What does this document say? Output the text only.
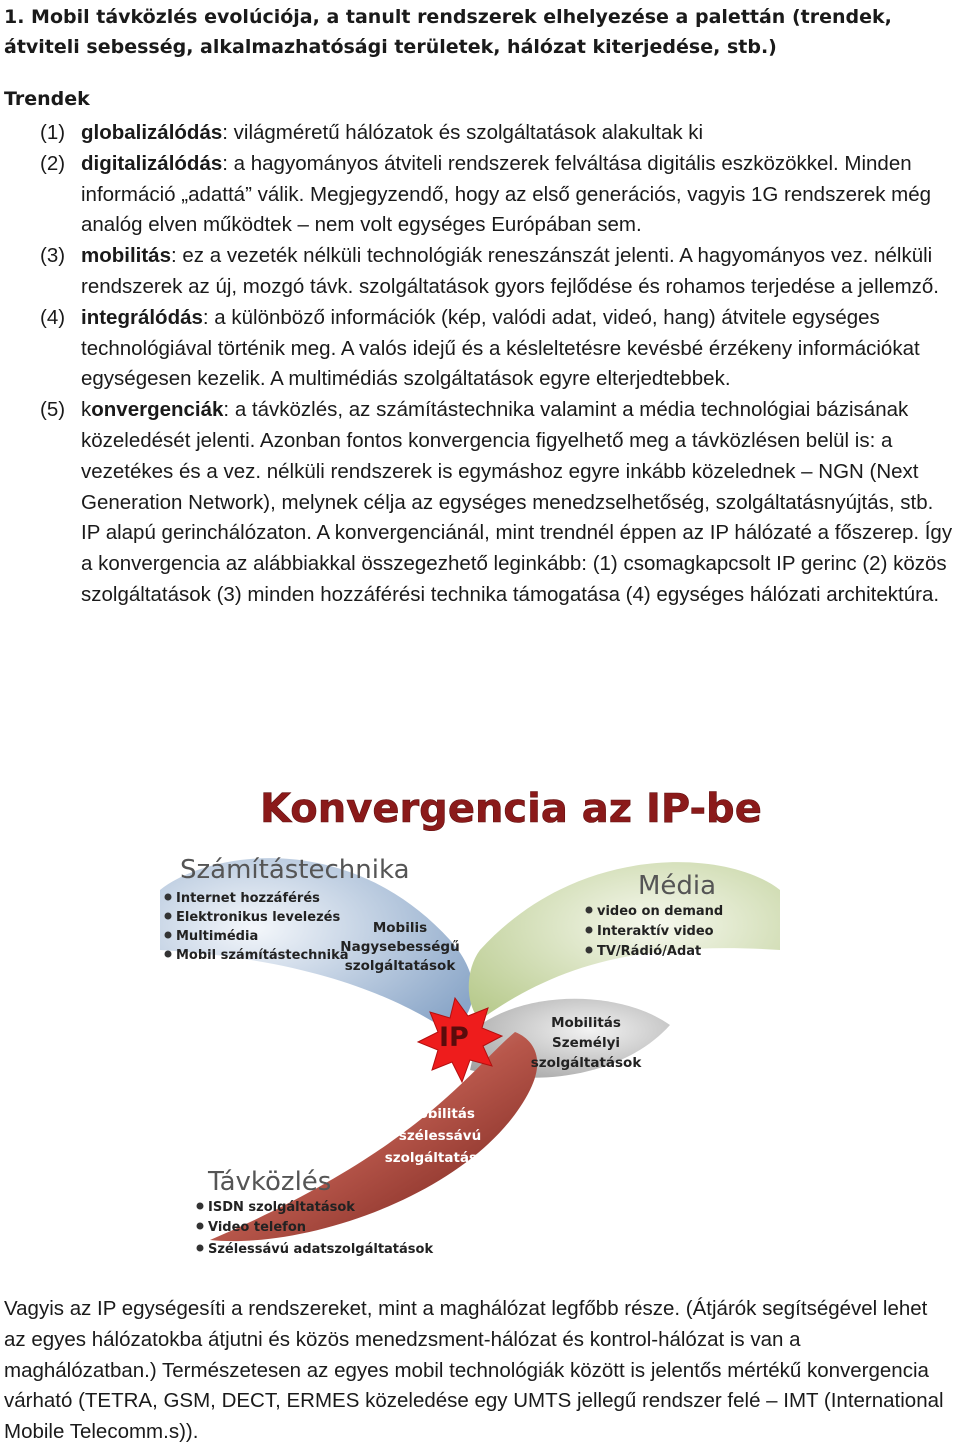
1. Mobil távközlés evolúciója, a tanult rendszerek elhelyezése a palettán (trendek, átviteli sebesség, alkalmazhatósági területek, hálózat kiterjedése, stb.)
Trendek
(1) globalizálódás: világméretű hálózatok és szolgáltatások alakultak ki
(2) digitalizálódás: a hagyományos átviteli rendszerek felváltása digitális eszközökkel. Minden információ „adattá” válik. Megjegyzendő, hogy az első generációs, vagyis 1G rendszerek még analóg elven működtek – nem volt egységes Európában sem.
(3) mobilitás: ez a vezeték nélküli technológiák reneszánszát jelenti. A hagyományos vez. nélküli rendszerek az új, mozgó távk. szolgáltatások gyors fejlődése és rohamos terjedése a jellemző.
(4) integrálódás: a különböző információk (kép, valódi adat, videó, hang) átvitele egységes technológiával történik meg. A valós idejű és a késleltetésre kevésbé érzékeny információkat egységesen kezelik. A multimédiás szolgáltatások egyre elterjedtebbek.
(5) konvergenciák: a távközlés, az számítástechnika valamint a média technológiai bázisának közeledését jelenti. Azonban fontos konvergencia figyelhető meg a távközlésen belül is: a vezetékes és a vez. nélküli rendszerek is egymáshoz egyre inkább közelednek – NGN (Next Generation Network), melynek célja az egységes menedzselhetőség, szolgáltatásnyújtás, stb. IP alapú gerinchálózaton. A konvergenciánál, mint trendnél éppen az IP hálózaté a főszerep. Így a konvergencia az alábbiakkal összegezhető leginkább: (1) csomagkapcsolt IP gerinc (2) közös szolgáltatások (3) minden hozzáférési technika támogatása (4) egységes hálózati architektúra.
Konvergencia az IP-be
IP
Számítástechnika
Internet hozzáférés
Elektronikus levelezés
Multimédia
Mobil számítástechnika
Média
video on demand
Interaktív video
TV/Rádió/Adat
Mobilis
Nagysebességű
szolgáltatások
Mobilitás
Személyi
szolgáltatások
Mobilitás
szélessávú
szolgáltatások
Távközlés
ISDN szolgáltatások
Video telefon
Szélessávú adatszolgáltatások

Vagyis az IP egységesíti a rendszereket, mint a maghálózat legfőbb része. (Átjárók segítségével lehet az egyes hálózatokba átjutni és közös menedzsment-hálózat és kontrol-hálózat is van a maghálózatban.) Természetesen az egyes mobil technológiák között is jelentős mértékű konvergencia várható (TETRA, GSM, DECT, ERMES közeledése egy UMTS jellegű rendszer felé – IMT (International Mobile Telecomm.s)).
